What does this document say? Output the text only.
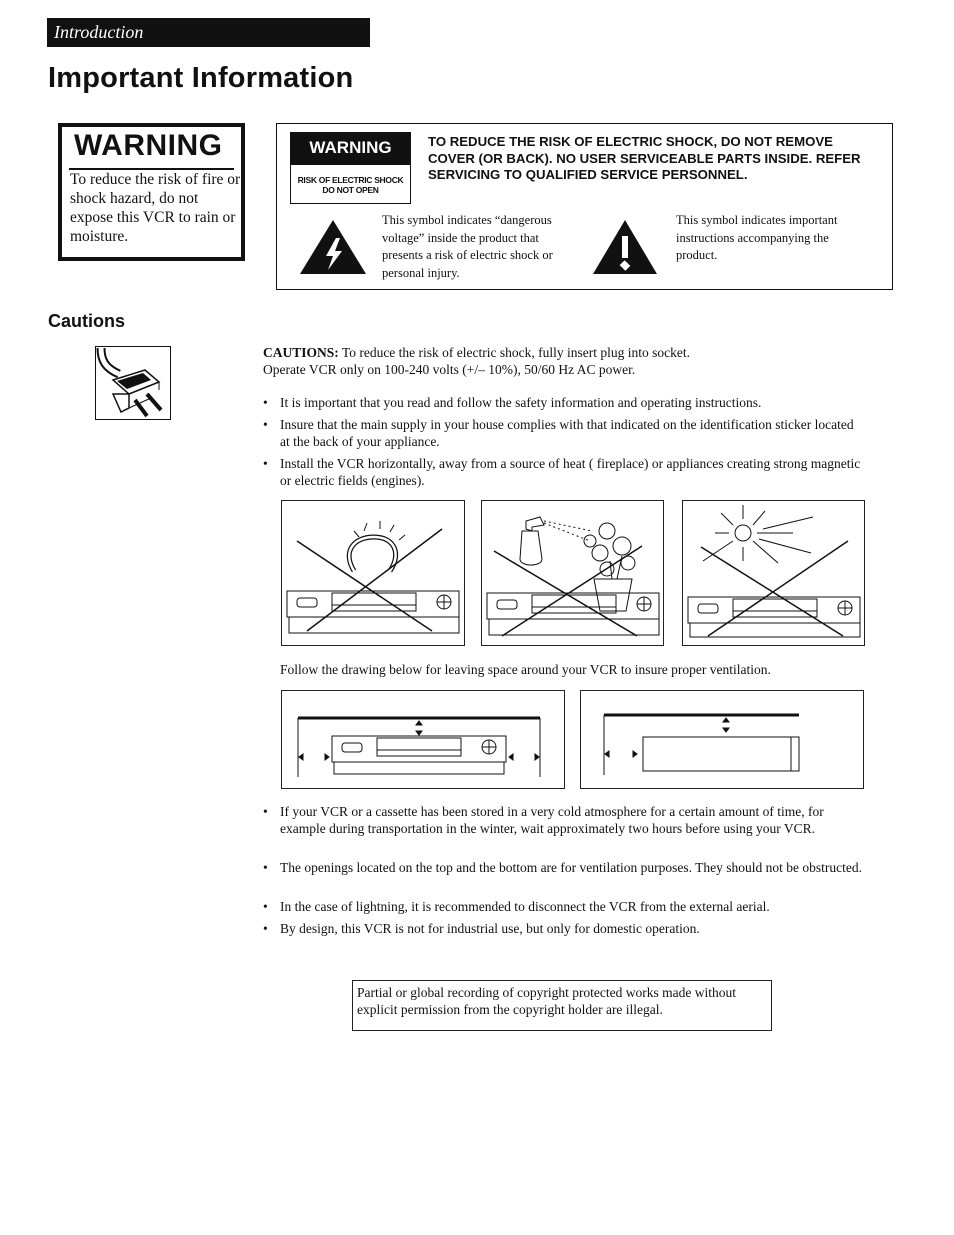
Introduction
Important Information
WARNING
To reduce the risk of fire or shock hazard, do not expose this VCR to rain or moisture.
WARNING
RISK OF ELECTRIC SHOCK
DO NOT OPEN
TO REDUCE THE RISK OF ELECTRIC SHOCK, DO NOT REMOVE COVER (OR BACK). NO USER SERVICEABLE PARTS INSIDE. REFER SERVICING TO QUALIFIED SERVICE PERSONNEL.
This symbol indicates “dangerous voltage” inside the product that presents a risk of electric shock or personal injury.
This symbol indicates important instructions accompanying the product.
Cautions
CAUTIONS: To reduce the risk of electric shock, fully insert plug into socket.
Operate VCR only on 100-240 volts (+/– 10%), 50/60 Hz AC power.
• It is important that you read and follow the safety information and operating instructions.
• Insure that the main supply in your house complies with that indicated on the identification sticker located at the back of your appliance.
• Install the VCR horizontally, away from a source of heat ( fireplace) or appliances creating strong magnetic or electric fields (engines).
Follow the drawing below for leaving space around your VCR to insure proper ventilation.
• If your VCR or a cassette has been stored in a very cold atmosphere for a certain amount of time, for example during transportation in the winter, wait approximately two hours before using your VCR.
• The openings located on the top and the bottom are for ventilation purposes. They should not be obstructed.
• In the case of lightning, it is recommended to disconnect the VCR from the external aerial.
• By design, this VCR is not for industrial use, but only for domestic operation.
Partial or global recording of copyright protected works made without explicit permission from the copyright holder are illegal.
